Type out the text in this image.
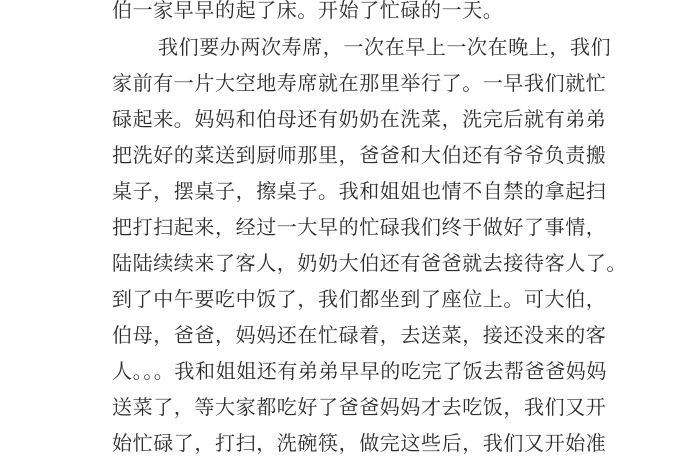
伯一家早早的起了床。开始了忙碌的一天。
我们要办两次寿席，一次在早上一次在晚上，我们
家前有一片大空地寿席就在那里举行了。一早我们就忙
碌起来。妈妈和伯母还有奶奶在洗菜，洗完后就有弟弟
把洗好的菜送到厨师那里，爸爸和大伯还有爷爷负责搬
桌子，摆桌子，擦桌子。我和姐姐也情不自禁的拿起扫
把打扫起来，经过一大早的忙碌我们终于做好了事情，
陆陆续续来了客人，奶奶大伯还有爸爸就去接待客人了。
到了中午要吃中饭了，我们都坐到了座位上。可大伯，
伯母，爸爸，妈妈还在忙碌着，去送菜，接还没来的客
人。。。我和姐姐还有弟弟早早的吃完了饭去帮爸爸妈妈
送菜了，等大家都吃好了爸爸妈妈才去吃饭，我们又开
始忙碌了，打扫，洗碗筷，做完这些后，我们又开始准
